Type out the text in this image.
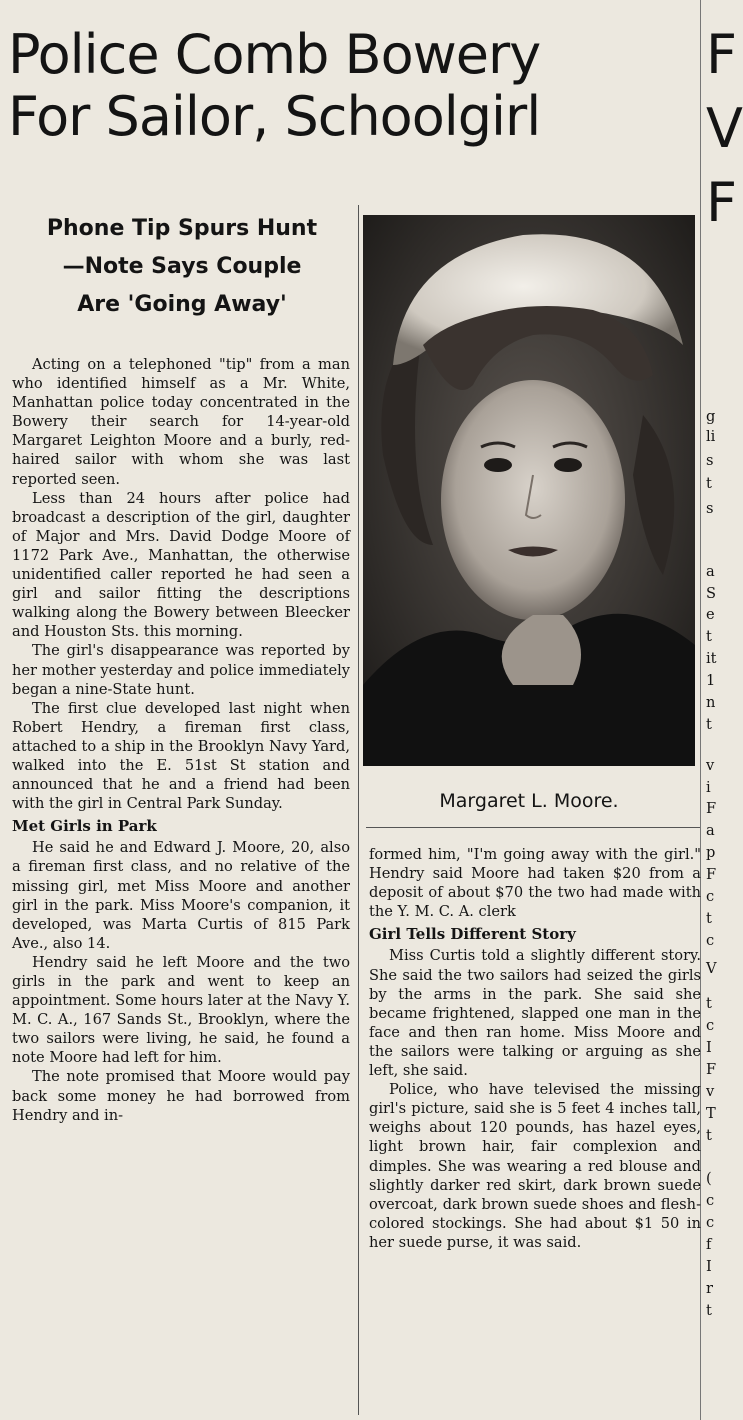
Police Comb Bowery
For Sailor, Schoolgirl
Phone Tip Spurs Hunt
—Note Says Couple
Are 'Going Away'
Margaret L. Moore.

Acting on a telephoned "tip" from a man who identified himself as a Mr. White, Manhattan police today concentrated in the Bowery their search for 14-year-old Margaret Leighton Moore and a burly, red-haired sailor with whom she was last reported seen.

Less than 24 hours after police had broadcast a description of the girl, daughter of Major and Mrs. David Dodge Moore of 1172 Park Ave., Manhattan, the otherwise unidentified caller reported he had seen a girl and sailor fitting the descriptions walking along the Bowery between Bleecker and Houston Sts. this morning.

The girl's disappearance was reported by her mother yesterday and police immediately began a nine-State hunt.

The first clue developed last night when Robert Hendry, a fireman first class, attached to a ship in the Brooklyn Navy Yard, walked into the E. 51st St station and announced that he and a friend had been with the girl in Central Park Sunday.

Met Girls in Park

He said he and Edward J. Moore, 20, also a fireman first class, and no relative of the missing girl, met Miss Moore and another girl in the park. Miss Moore's companion, it developed, was Marta Curtis of 815 Park Ave., also 14.

Hendry said he left Moore and the two girls in the park and went to keep an appointment. Some hours later at the Navy Y. M. C. A., 167 Sands St., Brooklyn, where the two sailors were living, he said, he found a note Moore had left for him.

The note promised that Moore would pay back some money he had borrowed from Hendry and in-

formed him, "I'm going away with the girl." Hendry said Moore had taken $20 from a deposit of about $70 the two had made with the Y. M. C. A. clerk

Girl Tells Different Story

Miss Curtis told a slightly different story. She said the two sailors had seized the girls by the arms in the park. She said she became frightened, slapped one man in the face and then ran home. Miss Moore and the sailors were talking or arguing as she left, she said.

Police, who have televised the missing girl's picture, said she is 5 feet 4 inches tall, weighs about 120 pounds, has hazel eyes, light brown hair, fair complexion and dimples. She was wearing a red blouse and slightly darker red skirt, dark brown suede overcoat, dark brown suede shoes and flesh-colored stockings. She had about $1 50 in her suede purse, it was said.

F
V
F
g
li
s
t
s
a
S
e
t
it
1
n
t
v
i
F
a
p
F
c
t
c
V
t
c
I
F
v
T
t
(
c
c
f
I
r
t
